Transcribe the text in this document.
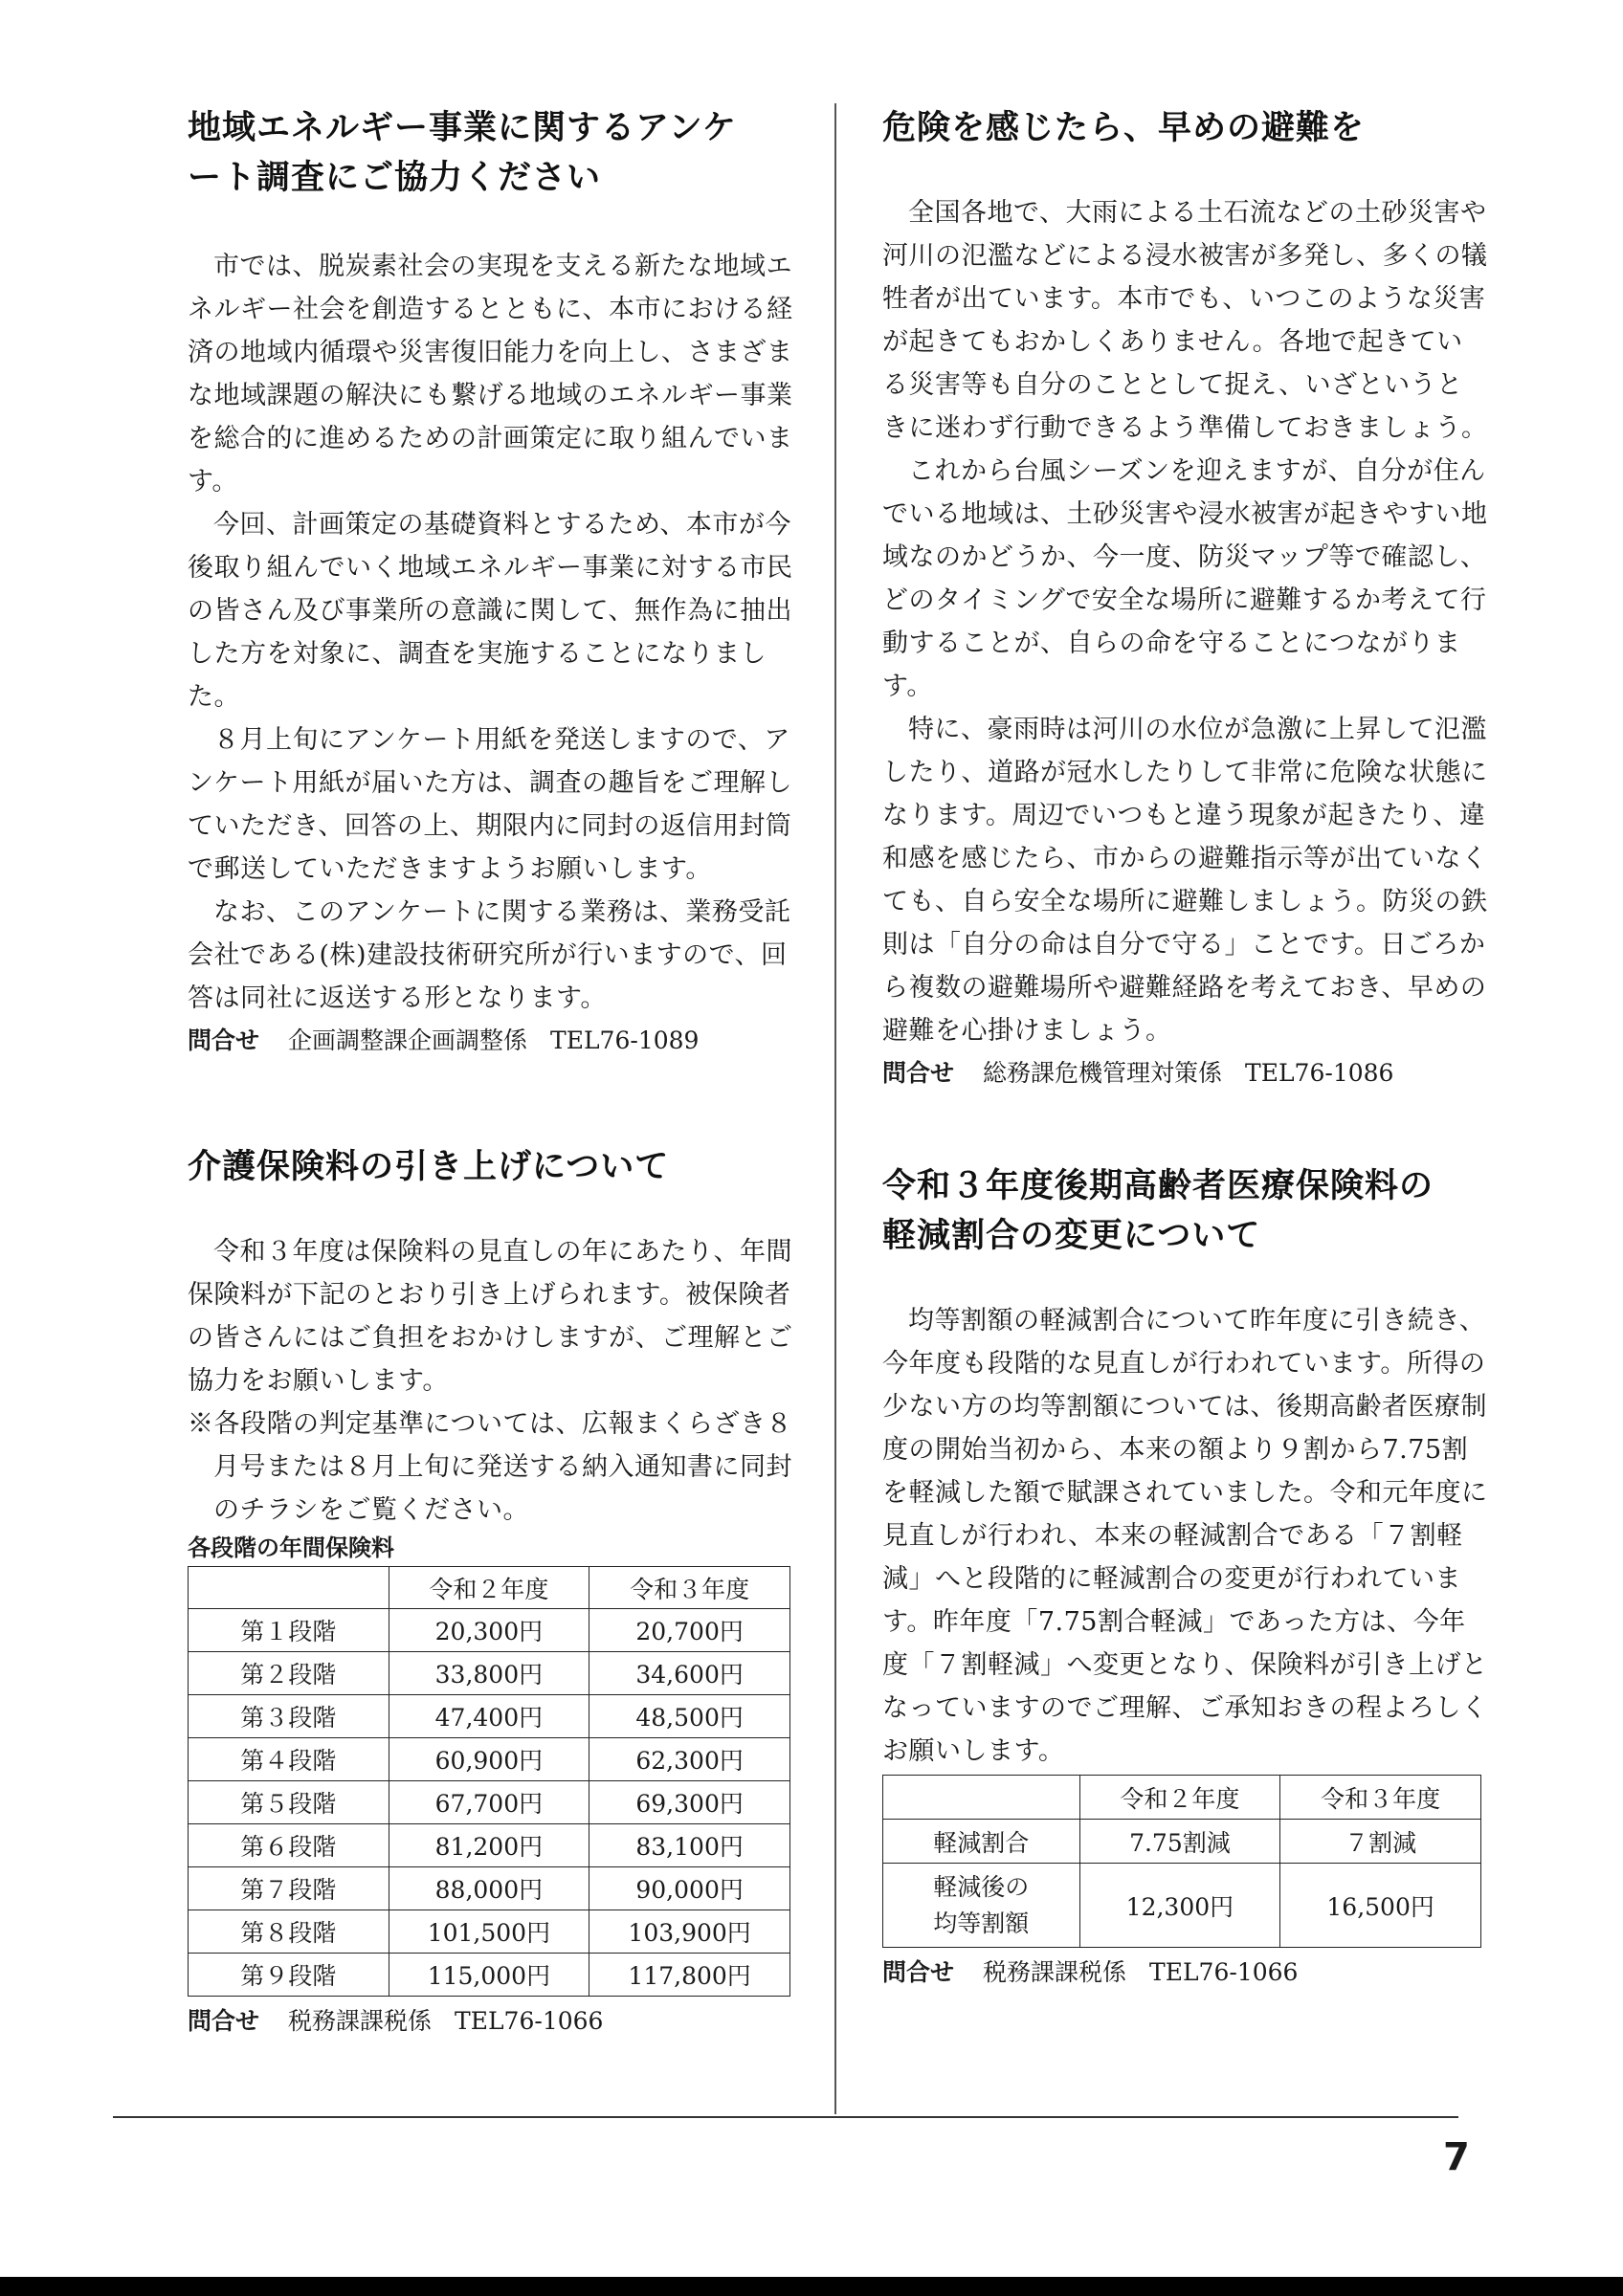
地域エネルギー事業に関するアンケ
ート調査にご協力ください

市では、脱炭素社会の実現を支える新たな地域エネルギー社会を創造するとともに、本市における経済の地域内循環や災害復旧能力を向上し、さまざまな地域課題の解決にも繋げる地域のエネルギー事業を総合的に進めるための計画策定に取り組んでいます。

今回、計画策定の基礎資料とするため、本市が今後取り組んでいく地域エネルギー事業に対する市民の皆さん及び事業所の意識に関して、無作為に抽出した方を対象に、調査を実施することになりました。

８月上旬にアンケート用紙を発送しますので、アンケート用紙が届いた方は、調査の趣旨をご理解していただき、回答の上、期限内に同封の返信用封筒で郵送していただきますようお願いします。

なお、このアンケートに関する業務は、業務受託会社である(株)建設技術研究所が行いますので、回答は同社に返送する形となります。

問合せ 企画調整課企画調整係 TEL76-1089

介護保険料の引き上げについて

令和３年度は保険料の見直しの年にあたり、年間保険料が下記のとおり引き上げられます。被保険者の皆さんにはご負担をおかけしますが、ご理解とご協力をお願いします。

※各段階の判定基準については、広報まくらざき８月号または８月上旬に発送する納入通知書に同封のチラシをご覧ください。

各段階の年間保険料

	令和２年度	令和３年度
第１段階	20,300円	20,700円
第２段階	33,800円	34,600円
第３段階	47,400円	48,500円
第４段階	60,900円	62,300円
第５段階	67,700円	69,300円
第６段階	81,200円	83,100円
第７段階	88,000円	90,000円
第８段階	101,500円	103,900円
第９段階	115,000円	117,800円

問合せ 税務課課税係 TEL76-1066

危険を感じたら、早めの避難を

全国各地で、大雨による土石流などの土砂災害や河川の氾濫などによる浸水被害が多発し、多くの犠牲者が出ています。本市でも、いつこのような災害が起きてもおかしくありません。各地で起きている災害等も自分のこととして捉え、いざというときに迷わず行動できるよう準備しておきましょう。

これから台風シーズンを迎えますが、自分が住んでいる地域は、土砂災害や浸水被害が起きやすい地域なのかどうか、今一度、防災マップ等で確認し、どのタイミングで安全な場所に避難するか考えて行動することが、自らの命を守ることにつながります。

特に、豪雨時は河川の水位が急激に上昇して氾濫したり、道路が冠水したりして非常に危険な状態になります。周辺でいつもと違う現象が起きたり、違和感を感じたら、市からの避難指示等が出ていなくても、自ら安全な場所に避難しましょう。防災の鉄則は「自分の命は自分で守る」ことです。日ごろから複数の避難場所や避難経路を考えておき、早めの避難を心掛けましょう。

問合せ 総務課危機管理対策係 TEL76-1086

令和３年度後期高齢者医療保険料の
軽減割合の変更について

均等割額の軽減割合について昨年度に引き続き、今年度も段階的な見直しが行われています。所得の少ない方の均等割額については、後期高齢者医療制度の開始当初から、本来の額より９割から7.75割を軽減した額で賦課されていました。令和元年度に見直しが行われ、本来の軽減割合である「７割軽減」へと段階的に軽減割合の変更が行われています。昨年度「7.75割合軽減」であった方は、今年度「７割軽減」へ変更となり、保険料が引き上げとなっていますのでご理解、ご承知おきの程よろしくお願いします。

	令和２年度	令和３年度
軽減割合	7.75割減	７割減
軽減後の
均等割額	12,300円	16,500円

問合せ 税務課課税係 TEL76-1066

7
